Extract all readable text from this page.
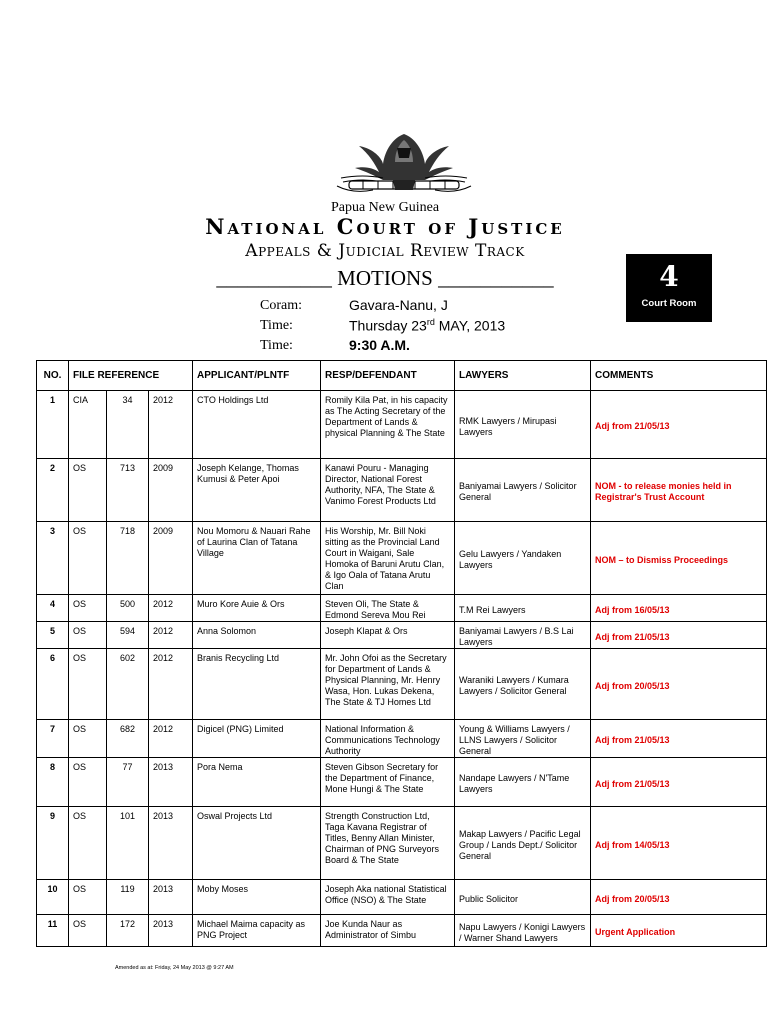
Papua New Guinea
National Court of Justice
Appeals & Judicial Review Track
___________ MOTIONS ___________	4
Court Room
Coram:	Gavara-Nanu, J
Time:	Thursday 23rd MAY, 2013
Time:	9:30 A.M.
NO.	FILE REFERENCE			APPLICANT/PLNTF	RESP/DEFENDANT	LAWYERS	COMMENTS
1	CIA	34	2012	CTO Holdings Ltd	Romily Kila Pat, in his capacity as The Acting Secretary of the Department of Lands & physical Planning & The State	RMK Lawyers / Mirupasi Lawyers	Adj from 21/05/13
2	OS	713	2009	Joseph Kelange, Thomas Kumusi & Peter Apoi	Kanawi Pouru - Managing Director, National Forest Authority, NFA, The State & Vanimo Forest Products Ltd	Baniyamai Lawyers / Solicitor General	NOM - to release monies held in Registrar's Trust Account
3	OS	718	2009	Nou Momoru & Nauari Rahe of Laurina Clan of Tatana Village	His Worship, Mr. Bill Noki sitting as the Provincial Land Court in Waigani, Sale Homoka of Baruni Arutu Clan, & Igo Oala of Tatana Arutu Clan	Gelu Lawyers / Yandaken Lawyers	NOM – to Dismiss Proceedings
4	OS	500	2012	Muro Kore Auie & Ors	Steven Oli, The State & Edmond Sereva Mou Rei	T.M Rei Lawyers	Adj from 16/05/13
5	OS	594	2012	Anna Solomon	Joseph Klapat & Ors	Baniyamai Lawyers / B.S Lai Lawyers	Adj from 21/05/13
6	OS	602	2012	Branis Recycling Ltd	Mr. John Ofoi as the Secretary for Department of Lands & Physical Planning, Mr. Henry Wasa, Hon. Lukas Dekena, The State & TJ Homes Ltd	Waraniki Lawyers / Kumara Lawyers / Solicitor General	Adj from 20/05/13
7	OS	682	2012	Digicel (PNG) Limited	National Information & Communications Technology Authority	Young & Williams Lawyers / LLNS Lawyers / Solicitor General	Adj from 21/05/13
8	OS	77	2013	Pora Nema	Steven Gibson Secretary for the Department of Finance, Mone Hungi & The State	Nandape Lawyers / N'Tame Lawyers	Adj from 21/05/13
9	OS	101	2013	Oswal Projects Ltd	Strength Construction Ltd, Taga Kavana Registrar of Titles, Benny Allan Minister, Chairman of PNG Surveyors Board & The State	Makap Lawyers / Pacific Legal Group / Lands Dept./ Solicitor General	Adj from 14/05/13
10	OS	119	2013	Moby Moses	Joseph Aka national Statistical Office (NSO) & The State	Public Solicitor	Adj from 20/05/13
11	OS	172	2013	Michael Maima capacity as PNG Project	Joe Kunda Naur as Administrator of Simbu	Napu Lawyers / Konigi Lawyers / Warner Shand Lawyers	Urgent Application
Amended as at: Friday, 24 May 2013 @ 9:27 AM
